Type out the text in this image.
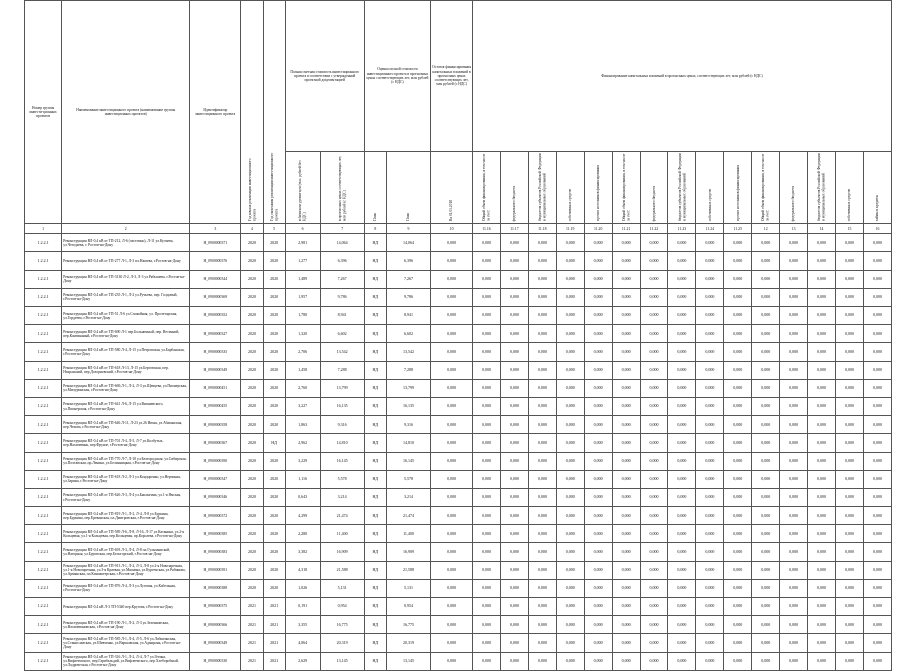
Номер группы инвести-ционных проектов	Наименование инвестиционного проекта (наименование группы инвестиционных проектов)	Идентификатор инвестиционного проекта	Год начала реализации инвестиционного проекта	Год окончания реализации инвестиционного проекта	Полная сметная стоимость инвестиционного проекта в соответствии с утвержденной проектной документацией		Оценка полной стоимости инвестиционного проекта в прогнозных ценах соответствующих лет, млн рублей (с НДС)		Остаток финансирования капитальных вложений в прогнозных ценах соответствующих лет, млн рублей (с НДС)	Финансирование капитальных вложений в прогнозных ценах, соответствующих лет, млн рублей (с НДС)														
					в базисном уровне цен (тыс. рублей без НДС)	в прогнозных ценах соответствующих лет, млн рублей (с НДС)	План	План	На 01.01.2018	Общий объем финансирования, в том числе за счет:	федерального бюджета	бюджетов субъектов Российской Федерации и муниципальных образований	собственных средств	прочих источников финансирования	Общий объем финансирования, в том числе за счет:	федерального бюджета	бюджетов субъектов Российской Федерации и муниципальных образований	собственных средств	прочих источников финансирования	Общий объем финансирования, в том числе за счет:	федерального бюджета	бюджетов субъектов Российской Федерации и муниципальных образований	собственных средств	займы и кредиты
1	2	3	4	5	6	7	8	9	10	11.16	11.17	11.18	11.19	11.20	11.21	11.22	11.23	11.24	11.25	12	13	14	15	16
1.2.2.1	Реконструкция ВЛ-0,4 кВ от ТП-212, Л-6 (частично), Л-11 ул.Кучаева, ул.Чегодаева, г. Ростов-на-Дону	H_0900000371	2020	2020	2,981	14,064	НД	14,064	0,000	0,000	0,000	0,000	0,000	0,000	0,000	0,000	0,000	0,000	0,000	0,000	0,000	0,000	0,000	0,000
1.2.2.1	Реконструкция ВЛ-0,4 кВ от ТП-277 Л-1, Л-3 пл.Нашева, г.Ростов-на-Дону	H_0900000376	2020	2020	1,277	6,396	НД	6,396	0,000	0,000	0,000	0,000	0,000	0,000	0,000	0,000	0,000	0,000	0,000	0,000	0,000	0,000	0,000	0,000
1.2.2.1	Реконструкция ВЛ-0,4 кВ от ТП-3130 Л-2, Л-3, Л-3 ул.Рябышева, г.Ростов-на-Дону	H_0900000344	2020	2020	1,489	7,267	НД	7,267	0,000	0,000	0,000	0,000	0,000	0,000	0,000	0,000	0,000	0,000	0,000	0,000	0,000	0,000	0,000	0,000
1.2.2.1	Реконструкция ВЛ-0,4 кВ от ТП-235 Л-1, Л-2 ул.Ручьева, пер. Голдовый, г.Ростов-на-Дону	H_0900000369	2020	2020	1,957	9,786	НД	9,786	0,000	0,000	0,000	0,000	0,000	0,000	0,000	0,000	0,000	0,000	0,000	0,000	0,000	0,000	0,000	0,000
1.2.2.1	Реконструкция ВЛ-0,4 кВ от ТП-51 Л-6 ул.Спокойная, ул. Пролетарская, ул.Гордеева, г.Ростов-на-Дону	H_0900000352	2020	2020	1,780	8,941	НД	8,941	0,000	0,000	0,000	0,000	0,000	0,000	0,000	0,000	0,000	0,000	0,000	0,000	0,000	0,000	0,000	0,000
1.2.2.1	Реконструкция ВЛ-0,4 кВ от ТП-690 Л-1 пер.Больничный, пер. Весенний, пер.Кантиняный, г.Ростов-на-Дону	H_0900000327	2020	2020	1,320	6,602	НД	6,602	0,000	0,000	0,000	0,000	0,000	0,000	0,000	0,000	0,000	0,000	0,000	0,000	0,000	0,000	0,000	0,000
1.2.2.1	Реконструкция ВЛ-0,4 кВ от ТП-580 Л-4, Л-15 ул.Петровская, ул.Барбанская, г.Ростов-на-Дону	H_0900000335	2020	2020	2,706	13,542	НД	13,542	0,000	0,000	0,000	0,000	0,000	0,000	0,000	0,000	0,000	0,000	0,000	0,000	0,000	0,000	0,000	0,000
1.2.2.1	Реконструкция ВЛ-0,4 кВ от ТП-618 Л-13, Л-15 ул.Берговская, пер. Нахранский, пер.Дозорновский, г.Ростов-на-Дону	H_0900000349	2020	2020	1,458	7,288	НД	7,288	0,000	0,000	0,000	0,000	0,000	0,000	0,000	0,000	0,000	0,000	0,000	0,000	0,000	0,000	0,000	0,000
1.2.2.1	Реконструкция ВЛ-0,4 кВ от ТП-669,Л-1, Л-2, Л-3 ул.Щевцева, ул.Пионерская, ул.Мичуринская, г.Ростов-на-Дону	H_0900000451	2020	2020	2,760	13,799	НД	13,799	0,000	0,000	0,000	0,000	0,000	0,000	0,000	0,000	0,000	0,000	0,000	0,000	0,000	0,000	0,000	0,000
1.2.2.1	Реконструкция ВЛ-0,4 кВ от ТП-641 Л-6, Л-15 ул.Вишневского, ул.Пионерская, г.Ростов-на-Дону	H_0900000455	2020	2020	3,227	16,135	НД	16,135	0,000	0,000	0,000	0,000	0,000	0,000	0,000	0,000	0,000	0,000	0,000	0,000	0,000	0,000	0,000	0,000
1.2.2.1	Реконструкция ВЛ-0,4 кВ от ТП-646 Л-11, Л-23 ул.26 Июня, ул.Абаканская, пер.Чехова, г.Ростов-на-Дону	H_0900000358	2020	2020	1,863	9,316	НД	9,316	0,000	0,000	0,000	0,000	0,000	0,000	0,000	0,000	0,000	0,000	0,000	0,000	0,000	0,000	0,000	0,000
1.2.2.1	Реконструкция ВЛ-0,4 кВ от ТП-701 Л-4, Л-5, Л-7 ул.Колбутых, пер.Нахичевань, пер.Фрунзе, г.Ростов-на-Дону	H_0900000367	2020	НД	2,962	14,810	НД	14,810	0,000	0,000	0,000	0,000	0,000	0,000	0,000	0,000	0,000	0,000	0,000	0,000	0,000	0,000	0,000	0,000
1.2.2.1	Реконструкция ВЛ-0,4 кВ от ТП-770 Л-7, Л-10 ул.Белгородская, ул.Сибирская, ул.Полтавская, пр.Ленина, ул.Белинницкая, г.Ростов-на-Дону	H_0900000390	2020	2020	3,229	16,145	НД	16,145	0,000	0,000	0,000	0,000	0,000	0,000	0,000	0,000	0,000	0,000	0,000	0,000	0,000	0,000	0,000	0,000
1.2.2.1	Реконструкция ВЛ-0,4 кВ от ТП-618 Л-2, Л-3 ул.Кондоренко, ул.Нерчиная, ул.Зарина, г.Ростов-на-Дону	H_0900000347	2020	2020	1,116	5,578	НД	5,578	0,000	0,000	0,000	0,000	0,000	0,000	0,000	0,000	0,000	0,000	0,000	0,000	0,000	0,000	0,000	0,000
1.2.2.1	Реконструкция ВЛ-0,4 кВ от ТП-626 Л-3, Л-4 ул.Баклыгина, ул.1-я Ямская, г.Ростов-на-Дону	H_0900000346	2020	2020	0,643	3,214	НД	3,214	0,000	0,000	0,000	0,000	0,000	0,000	0,000	0,000	0,000	0,000	0,000	0,000	0,000	0,000	0,000	0,000
1.2.2.1	Реконструкция ВЛ-0,4 кВ от ТП-819 Л-1, Л-2, Л-4, Л-8 ул.Буркина, пер.Буркина, пер.Ереванская, пл.Дмитровская, г.Ростов-на-Дону	H_0900000372	2020	2020	4,299	21,474	НД	21,474	0,000	0,000	0,000	0,000	0,000	0,000	0,000	0,000	0,000	0,000	0,000	0,000	0,000	0,000	0,000	0,000
1.2.2.1	Реконструкция ВЛ-0,4 кВ от ТП-589 Л-6, Л-8, Л-16, Л-17 ул.Катанина, ул.2-я Кольцевая, ул.1-я Кольцевая, пер.Кольцевая, пр.Королева, г.Ростов-на-Дону	H_0900000385	2020	2020	2,280	11,400	НД	11,400	0,000	0,000	0,000	0,000	0,000	0,000	0,000	0,000	0,000	0,000	0,000	0,000	0,000	0,000	0,000	0,000
1.2.2.1	Реконструкция ВЛ-0,4 кВ от ТП-693 Л-3, Л-4, Л-8 пл.Гульпаниской, ул.Нагорная, ул.Буровская, пер.Белогорский, г.Ростов-на-Дону	H_0900000383	2020	2020	3,382	16,909	НД	16,909	0,000	0,000	0,000	0,000	0,000	0,000	0,000	0,000	0,000	0,000	0,000	0,000	0,000	0,000	0,000	0,000
1.2.2.1	Реконструкция ВЛ-0,4 кВ от ТП-913 Л-1, Л-2, Л-3, Л-8 ул.2-я Новозаречная, ул.1-я Новозаречная, ул.3-я Краевая, ул.Мясника, ул.Кургенская, ул.Рябинова, ул.Армянская, пл.Киноактерская, г.Ростов-на-Дону	H_0900000391	2020	2020	4,318	21,588	НД	21,588	0,000	0,000	0,000	0,000	0,000	0,000	0,000	0,000	0,000	0,000	0,000	0,000	0,000	0,000	0,000	0,000
1.2.2.1	Реконструкция ВЛ-0,4 кВ от ТП-876 Л-4, Л-3 ул.Луговая, ул.Кабельная, г.Ростов-на-Дону	H_0900000388	2020	2020	1,026	5,131	НД	5,131	0,000	0,000	0,000	0,000	0,000	0,000	0,000	0,000	0,000	0,000	0,000	0,000	0,000	0,000	0,000	0,000
1.2.2.1	Реконструкция ВЛ-0,4 кВ Л-3 ТП-5340 пер.Кругова, г.Ростов-на-Дону	H_0900000375	2021	2021	0,191	0,954	НД	0,954	0,000	0,000	0,000	0,000	0,000	0,000	0,000	0,000	0,000	0,000	0,000	0,000	0,000	0,000	0,000	0,000
1.2.2.1	Реконструкция ВЛ-0,4 кВ от ТП-190 Л-1, Л-2, Л-3 ул.Зеленковская, ул.Нахичевановская, г.Ростов-на-Дону	H_0900000366	2021	2021	3,355	16,775	НД	16,775	0,000	0,000	0,000	0,000	0,000	0,000	0,000	0,000	0,000	0,000	0,000	0,000	0,000	0,000	0,000	0,000
1.2.2.1	Реконструкция ВЛ-0,4 кВ от ТП-585 Л-1, Л-4, Л-5, Л-6 ул.Лабыгинская, ул.Станиславская, ул.Шевченко, ул.Варшавская, ул.Адмирана, г.Ростов-на-Дону	H_0900000349	2021	2021	4,064	20,319	НД	20,319	0,000	0,000	0,000	0,000	0,000	0,000	0,000	0,000	0,000	0,000	0,000	0,000	0,000	0,000	0,000	0,000
1.2.2.1	Реконструкция ВЛ-0,4 кВ от ТП-316 Л-1, Л-2, Л-4, Л-7 ул.Гегина, ул.Вифлеемского, пер.Гарибальдий, ул.Вифлеемского, пер.Хлеборобный, ул.Ладровеская, г.Ростов-на-Дону	H_0900000330	2021	2021	2,629	13,145	НД	13,145	0,000	0,000	0,000	0,000	0,000	0,000	0,000	0,000	0,000	0,000	0,000	0,000	0,000	0,000	0,000	0,000
